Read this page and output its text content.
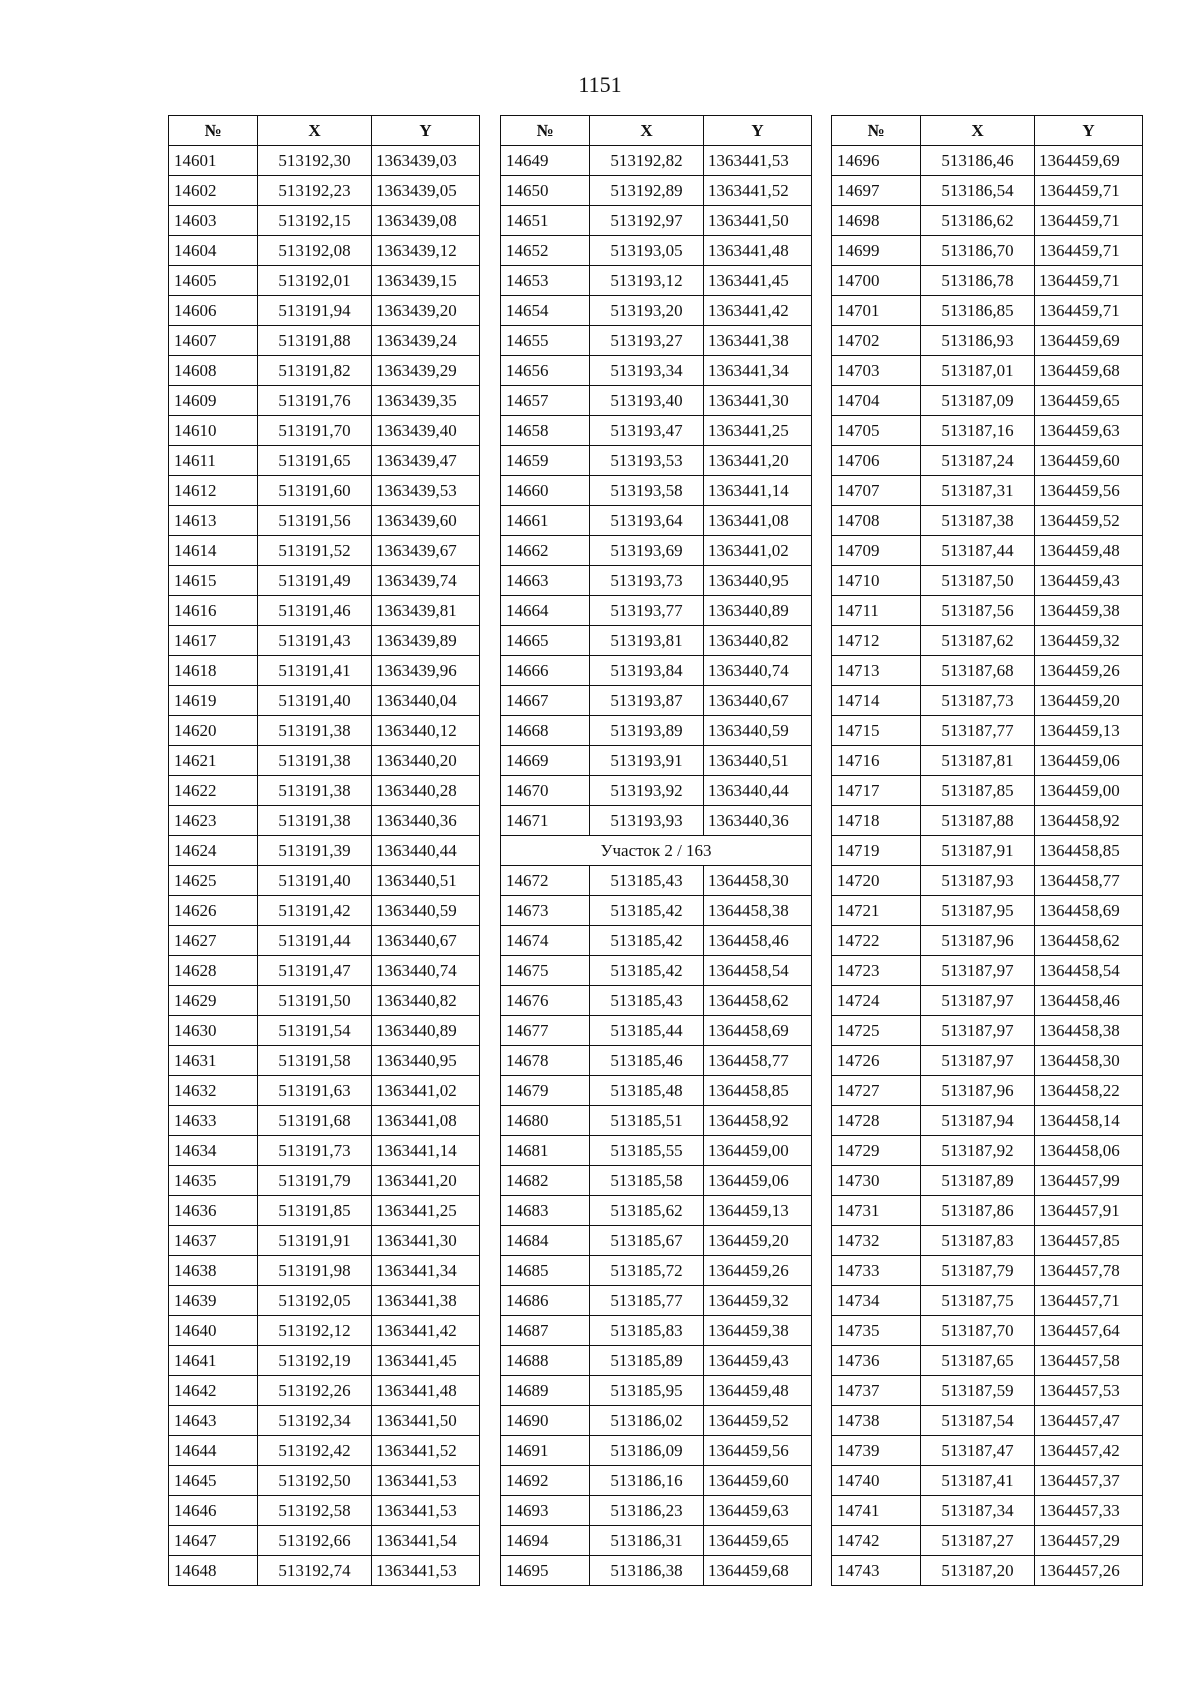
1151
№	X	Y
14601	513192,30	1363439,03
14602	513192,23	1363439,05
14603	513192,15	1363439,08
14604	513192,08	1363439,12
14605	513192,01	1363439,15
14606	513191,94	1363439,20
14607	513191,88	1363439,24
14608	513191,82	1363439,29
14609	513191,76	1363439,35
14610	513191,70	1363439,40
14611	513191,65	1363439,47
14612	513191,60	1363439,53
14613	513191,56	1363439,60
14614	513191,52	1363439,67
14615	513191,49	1363439,74
14616	513191,46	1363439,81
14617	513191,43	1363439,89
14618	513191,41	1363439,96
14619	513191,40	1363440,04
14620	513191,38	1363440,12
14621	513191,38	1363440,20
14622	513191,38	1363440,28
14623	513191,38	1363440,36
14624	513191,39	1363440,44
14625	513191,40	1363440,51
14626	513191,42	1363440,59
14627	513191,44	1363440,67
14628	513191,47	1363440,74
14629	513191,50	1363440,82
14630	513191,54	1363440,89
14631	513191,58	1363440,95
14632	513191,63	1363441,02
14633	513191,68	1363441,08
14634	513191,73	1363441,14
14635	513191,79	1363441,20
14636	513191,85	1363441,25
14637	513191,91	1363441,30
14638	513191,98	1363441,34
14639	513192,05	1363441,38
14640	513192,12	1363441,42
14641	513192,19	1363441,45
14642	513192,26	1363441,48
14643	513192,34	1363441,50
14644	513192,42	1363441,52
14645	513192,50	1363441,53
14646	513192,58	1363441,53
14647	513192,66	1363441,54
14648	513192,74	1363441,53
№	X	Y
14649	513192,82	1363441,53
14650	513192,89	1363441,52
14651	513192,97	1363441,50
14652	513193,05	1363441,48
14653	513193,12	1363441,45
14654	513193,20	1363441,42
14655	513193,27	1363441,38
14656	513193,34	1363441,34
14657	513193,40	1363441,30
14658	513193,47	1363441,25
14659	513193,53	1363441,20
14660	513193,58	1363441,14
14661	513193,64	1363441,08
14662	513193,69	1363441,02
14663	513193,73	1363440,95
14664	513193,77	1363440,89
14665	513193,81	1363440,82
14666	513193,84	1363440,74
14667	513193,87	1363440,67
14668	513193,89	1363440,59
14669	513193,91	1363440,51
14670	513193,92	1363440,44
14671	513193,93	1363440,36
Участок 2 / 163		
14672	513185,43	1364458,30
14673	513185,42	1364458,38
14674	513185,42	1364458,46
14675	513185,42	1364458,54
14676	513185,43	1364458,62
14677	513185,44	1364458,69
14678	513185,46	1364458,77
14679	513185,48	1364458,85
14680	513185,51	1364458,92
14681	513185,55	1364459,00
14682	513185,58	1364459,06
14683	513185,62	1364459,13
14684	513185,67	1364459,20
14685	513185,72	1364459,26
14686	513185,77	1364459,32
14687	513185,83	1364459,38
14688	513185,89	1364459,43
14689	513185,95	1364459,48
14690	513186,02	1364459,52
14691	513186,09	1364459,56
14692	513186,16	1364459,60
14693	513186,23	1364459,63
14694	513186,31	1364459,65
14695	513186,38	1364459,68
№	X	Y
14696	513186,46	1364459,69
14697	513186,54	1364459,71
14698	513186,62	1364459,71
14699	513186,70	1364459,71
14700	513186,78	1364459,71
14701	513186,85	1364459,71
14702	513186,93	1364459,69
14703	513187,01	1364459,68
14704	513187,09	1364459,65
14705	513187,16	1364459,63
14706	513187,24	1364459,60
14707	513187,31	1364459,56
14708	513187,38	1364459,52
14709	513187,44	1364459,48
14710	513187,50	1364459,43
14711	513187,56	1364459,38
14712	513187,62	1364459,32
14713	513187,68	1364459,26
14714	513187,73	1364459,20
14715	513187,77	1364459,13
14716	513187,81	1364459,06
14717	513187,85	1364459,00
14718	513187,88	1364458,92
14719	513187,91	1364458,85
14720	513187,93	1364458,77
14721	513187,95	1364458,69
14722	513187,96	1364458,62
14723	513187,97	1364458,54
14724	513187,97	1364458,46
14725	513187,97	1364458,38
14726	513187,97	1364458,30
14727	513187,96	1364458,22
14728	513187,94	1364458,14
14729	513187,92	1364458,06
14730	513187,89	1364457,99
14731	513187,86	1364457,91
14732	513187,83	1364457,85
14733	513187,79	1364457,78
14734	513187,75	1364457,71
14735	513187,70	1364457,64
14736	513187,65	1364457,58
14737	513187,59	1364457,53
14738	513187,54	1364457,47
14739	513187,47	1364457,42
14740	513187,41	1364457,37
14741	513187,34	1364457,33
14742	513187,27	1364457,29
14743	513187,20	1364457,26
